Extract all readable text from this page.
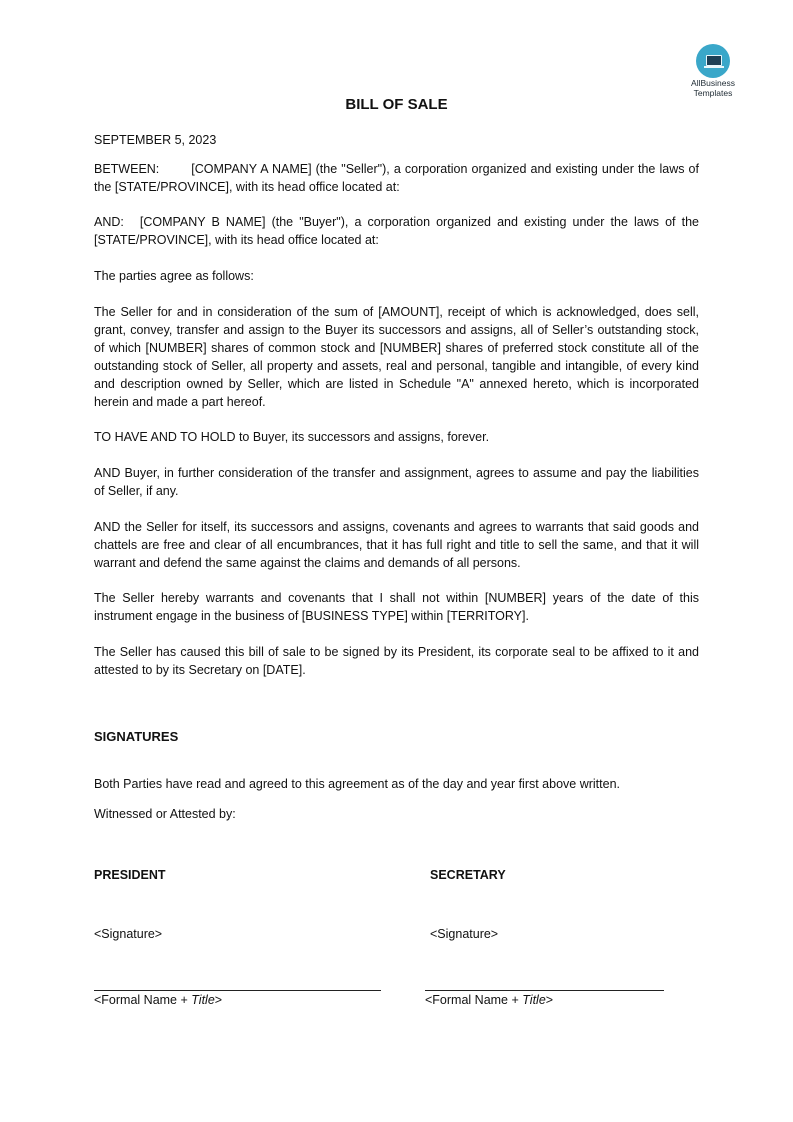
AllBusiness
Templates
BILL OF SALE
SEPTEMBER 5, 2023
BETWEEN:	[COMPANY A NAME] (the "Seller"), a corporation organized and existing under the laws of the [STATE/PROVINCE], with its head office located at:
AND: [COMPANY B NAME] (the "Buyer"), a corporation organized and existing under the laws of the [STATE/PROVINCE], with its head office located at:
The parties agree as follows:
The Seller for and in consideration of the sum of [AMOUNT], receipt of which is acknowledged, does sell, grant, convey, transfer and assign to the Buyer its successors and assigns, all of Seller’s outstanding stock, of which [NUMBER] shares of common stock and [NUMBER] shares of preferred stock constitute all of the outstanding stock of Seller, all property and assets, real and personal, tangible and intangible, of every kind and description owned by Seller, which are listed in Schedule "A" annexed hereto, which is incorporated herein and made a part hereof.
TO HAVE AND TO HOLD to Buyer, its successors and assigns, forever.
AND Buyer, in further consideration of the transfer and assignment, agrees to assume and pay the liabilities of Seller, if any.
AND the Seller for itself, its successors and assigns, covenants and agrees to warrants that said goods and chattels are free and clear of all encumbrances, that it has full right and title to sell the same, and that it will warrant and defend the same against the claims and demands of all persons.
The Seller hereby warrants and covenants that I shall not within [NUMBER] years of the date of this instrument engage in the business of [BUSINESS TYPE] within [TERRITORY].
The Seller has caused this bill of sale to be signed by its President, its corporate seal to be affixed to it and attested to by its Secretary on [DATE].
SIGNATURES
Both Parties have read and agreed to this agreement as of the day and year first above written.
Witnessed or Attested by:
PRESIDENT	SECRETARY
<Signature>	<Signature>
<Formal Name + Title>	<Formal Name + Title>
